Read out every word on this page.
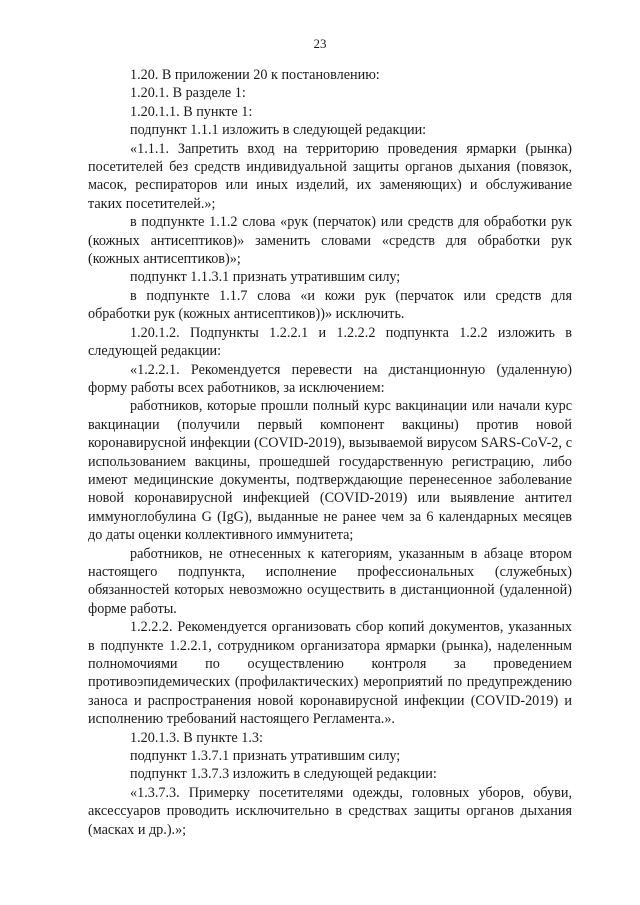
23

1.20. В приложении 20 к постановлению:

1.20.1. В разделе 1:

1.20.1.1. В пункте 1:

подпункт 1.1.1 изложить в следующей редакции:

«1.1.1. Запретить вход на территорию проведения ярмарки (рынка) посетителей без средств индивидуальной защиты органов дыхания (повязок, масок, респираторов или иных изделий, их заменяющих) и обслуживание таких посетителей.»;

в подпункте 1.1.2 слова «рук (перчаток) или средств для обработки рук (кожных антисептиков)» заменить словами «средств для обработки рук (кожных антисептиков)»;

подпункт 1.1.3.1 признать утратившим силу;

в подпункте 1.1.7 слова «и кожи рук (перчаток или средств для обработки рук (кожных антисептиков))» исключить.

1.20.1.2. Подпункты 1.2.2.1 и 1.2.2.2 подпункта 1.2.2 изложить в следующей редакции:

«1.2.2.1. Рекомендуется перевести на дистанционную (удаленную) форму работы всех работников, за исключением:

работников, которые прошли полный курс вакцинации или начали курс вакцинации (получили первый компонент вакцины) против новой коронавирусной инфекции (COVID-2019), вызываемой вирусом SARS-CoV-2, с использованием вакцины, прошедшей государственную регистрацию, либо имеют медицинские документы, подтверждающие перенесенное заболевание новой коронавирусной инфекцией (COVID-2019) или выявление антител иммуноглобулина G (IgG), выданные не ранее чем за 6 календарных месяцев до даты оценки коллективного иммунитета;

работников, не отнесенных к категориям, указанным в абзаце втором настоящего подпункта, исполнение профессиональных (служебных) обязанностей которых невозможно осуществить в дистанционной (удаленной) форме работы.

1.2.2.2. Рекомендуется организовать сбор копий документов, указанных в подпункте 1.2.2.1, сотрудником организатора ярмарки (рынка), наделенным полномочиями по осуществлению контроля за проведением противоэпидемических (профилактических) мероприятий по предупреждению заноса и распространения новой коронавирусной инфекции (COVID-2019) и исполнению требований настоящего Регламента.».

1.20.1.3. В пункте 1.3:

подпункт 1.3.7.1 признать утратившим силу;

подпункт 1.3.7.3 изложить в следующей редакции:

«1.3.7.3. Примерку посетителями одежды, головных уборов, обуви, аксессуаров проводить исключительно в средствах защиты органов дыхания (масках и др.).»;
